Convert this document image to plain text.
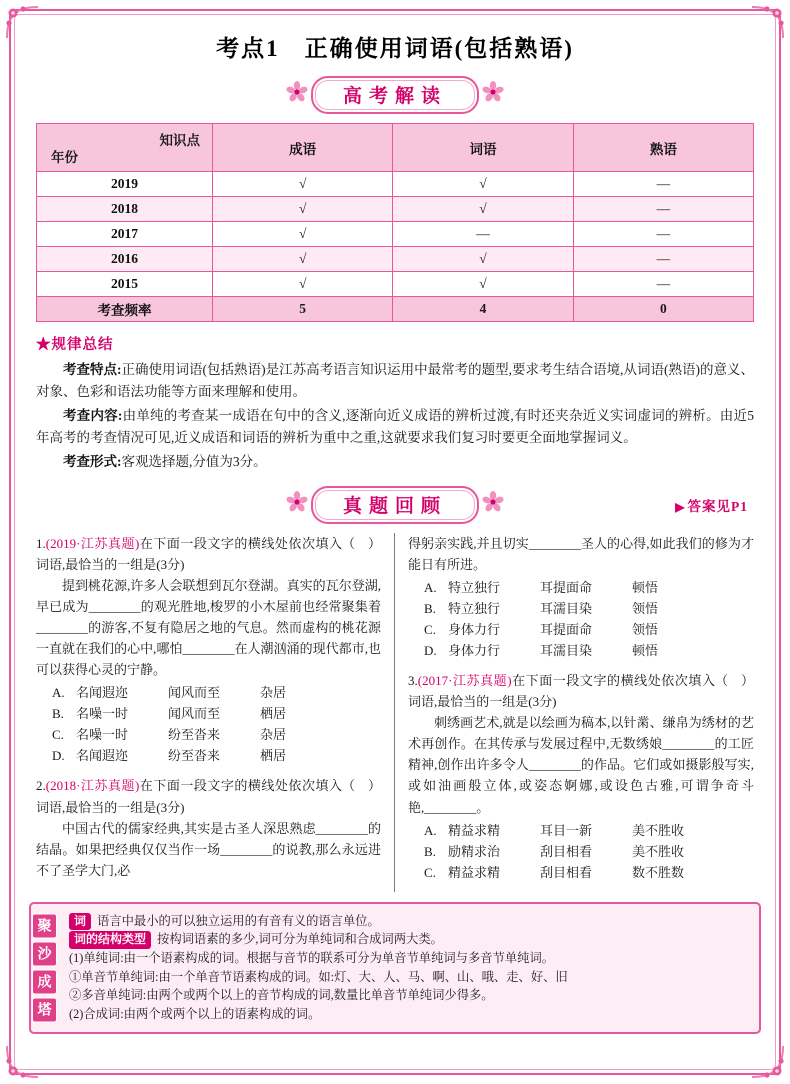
考点1　正确使用词语(包括熟语)
高考解读
知识点
年份	成语	词语	熟语
2019	√	√	—
2018	√	√	—
2017	√	—	—
2016	√	√	—
2015	√	√	—
考查频率	5	4	0
★规律总结

考查特点:正确使用词语(包括熟语)是江苏高考语言知识运用中最常考的题型,要求考生结合语境,从词语(熟语)的意义、对象、色彩和语法功能等方面来理解和使用。

考查内容:由单纯的考查某一成语在句中的含义,逐渐向近义成语的辨析过渡,有时还夹杂近义实词虚词的辨析。由近5年高考的考查情况可见,近义成语和词语的辨析为重中之重,这就要求我们复习时要更全面地掌握词义。

考查形式:客观选择题,分值为3分。

真题回顾	▶ 答案见P1
（　）
1.(2019·江苏真题)在下面一段文字的横线处依次填入词语,最恰当的一组是(3分)

提到桃花源,许多人会联想到瓦尔登湖。真实的瓦尔登湖,早已成为________的观光胜地,梭罗的小木屋前也经常聚集着________的游客,不复有隐居之地的气息。然而虚构的桃花源一直就在我们的心中,哪怕________在人潮汹涌的现代都市,也可以获得心灵的宁静。

A. 名闻遐迩	闻风而至	杂居
B. 名噪一时	闻风而至	栖居
C. 名噪一时	纷至沓来	杂居
D. 名闻遐迩	纷至沓来	栖居
（　）
2.(2018·江苏真题)在下面一段文字的横线处依次填入词语,最恰当的一组是(3分)

中国古代的儒家经典,其实是古圣人深思熟虑________的结晶。如果把经典仅仅当作一场________的说教,那么永远进不了圣学大门,必

得躬亲实践,并且切实________圣人的心得,如此我们的修为才能日有所进。

A. 特立独行	耳提面命	顿悟
B. 特立独行	耳濡目染	领悟
C. 身体力行	耳提面命	领悟
D. 身体力行	耳濡目染	顿悟
（　）
3.(2017·江苏真题)在下面一段文字的横线处依次填入词语,最恰当的一组是(3分)

刺绣画艺术,就是以绘画为稿本,以针黹、缣帛为绣材的艺术再创作。在其传承与发展过程中,无数绣娘________的工匠精神,创作出许多令人________的作品。它们或如摄影般写实,或如油画般立体,或姿态婀娜,或设色古雅,可谓争奇斗艳,________。

A. 精益求精	耳目一新	美不胜收
B. 励精求治	刮目相看	美不胜收
C. 精益求精	刮目相看	数不胜数
聚
沙
成
塔
词 语言中最小的可以独立运用的有音有义的语言单位。
词的结构类型 按构词语素的多少,词可分为单纯词和合成词两大类。
(1)单纯词:由一个语素构成的词。根据与音节的联系可分为单音节单纯词与多音节单纯词。
①单音节单纯词:由一个单音节语素构成的词。如:灯、大、人、马、啊、山、哦、走、好、旧
②多音单纯词:由两个或两个以上的音节构成的词,数量比单音节单纯词少得多。
(2)合成词:由两个或两个以上的语素构成的词。
